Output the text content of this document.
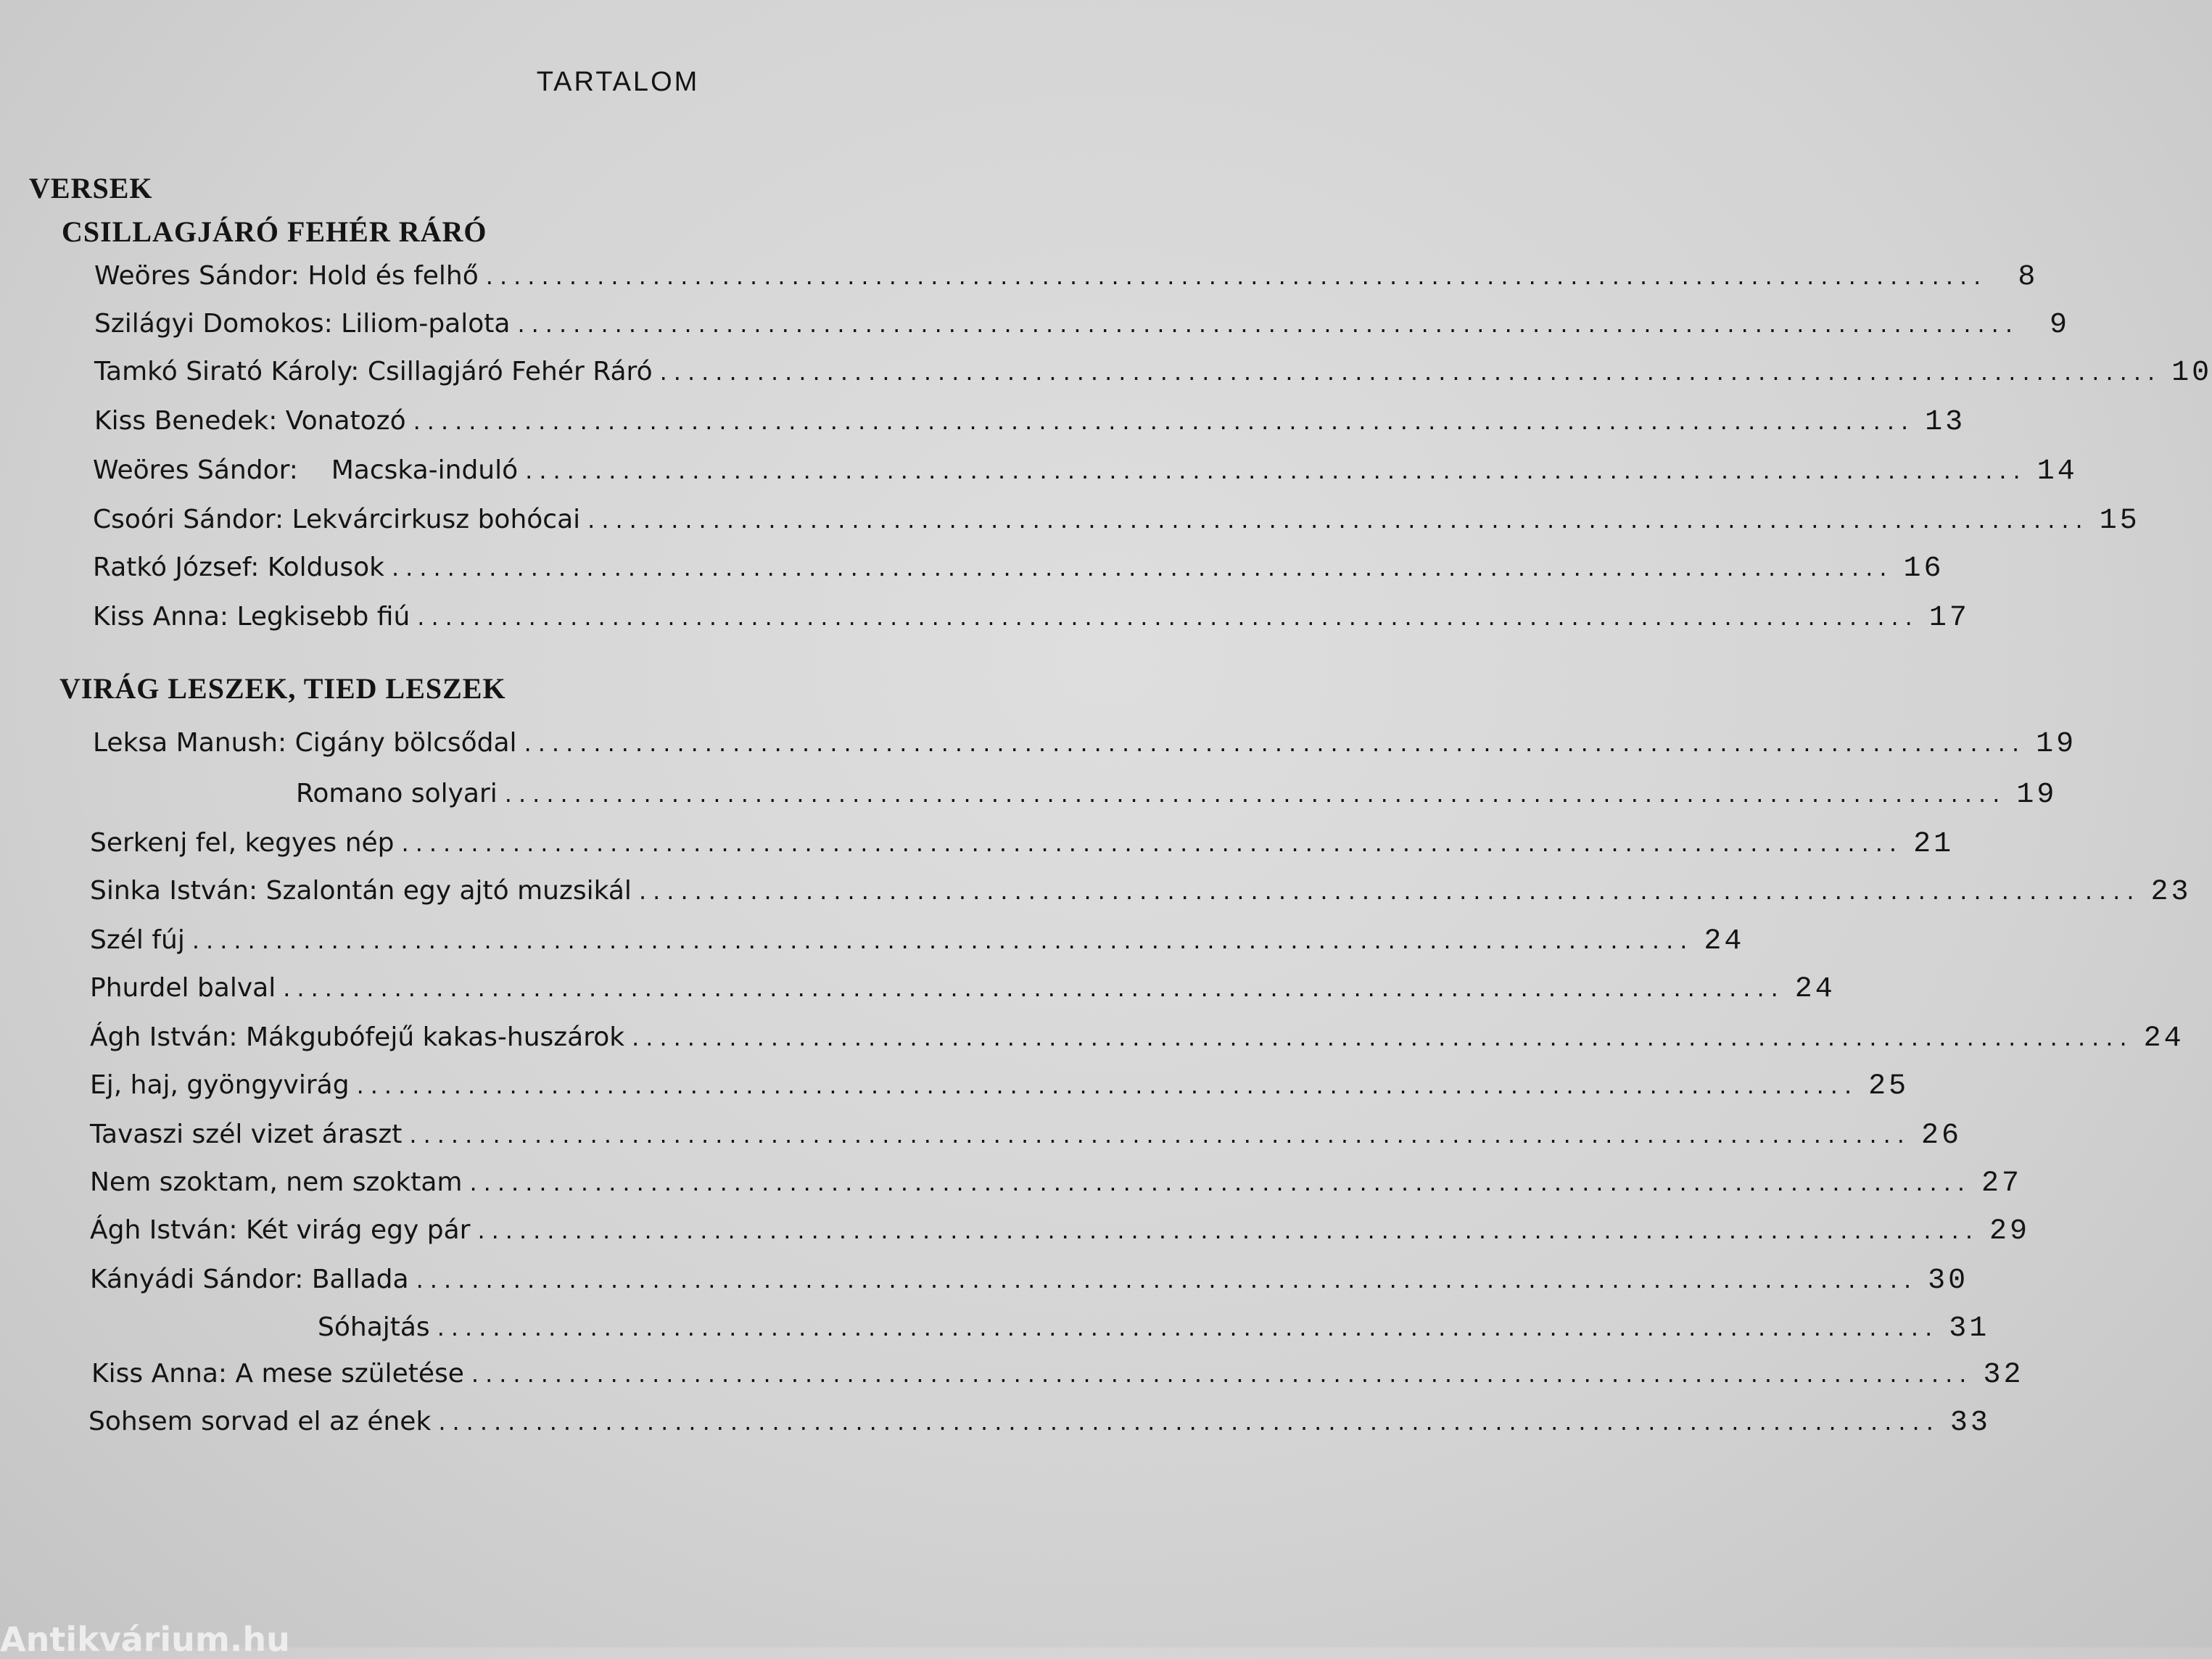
TARTALOM
VERSEK
CSILLAGJÁRÓ FEHÉR RÁRÓ
Weöres Sándor: Hold és felhő ............................................................................................................	8
Szilágyi Domokos: Liliom-palota ............................................................................................................	9
Tamkó Sirató Károly: Csillagjáró Fehér Ráró ............................................................................................................ 10
Kiss Benedek: Vonatozó ............................................................................................................ 13
Weöres Sándor:    Macska-induló ............................................................................................................ 14
Csoóri Sándor: Lekvárcirkusz bohócai ............................................................................................................ 15
Ratkó József: Koldusok ............................................................................................................ 16
Kiss Anna: Legkisebb fiú ............................................................................................................ 17
VIRÁG LESZEK, TIED LESZEK
Leksa Manush: Cigány bölcsődal ............................................................................................................ 19
Romano solyari ............................................................................................................ 19
Serkenj fel, kegyes nép ............................................................................................................ 21
Sinka István: Szalontán egy ajtó muzsikál ............................................................................................................ 23
Szél fúj ............................................................................................................ 24
Phurdel balval ............................................................................................................ 24
Ágh István: Mákgubófejű kakas-huszárok ............................................................................................................ 24
Ej, haj, gyöngyvirág ............................................................................................................ 25
Tavaszi szél vizet áraszt ............................................................................................................ 26
Nem szoktam, nem szoktam ............................................................................................................ 27
Ágh István: Két virág egy pár ............................................................................................................ 29
Kányádi Sándor: Ballada ............................................................................................................ 30
Sóhajtás ............................................................................................................ 31
Kiss Anna: A mese születése ............................................................................................................ 32
Sohsem sorvad el az ének ............................................................................................................ 33
Antikvárium.hu
